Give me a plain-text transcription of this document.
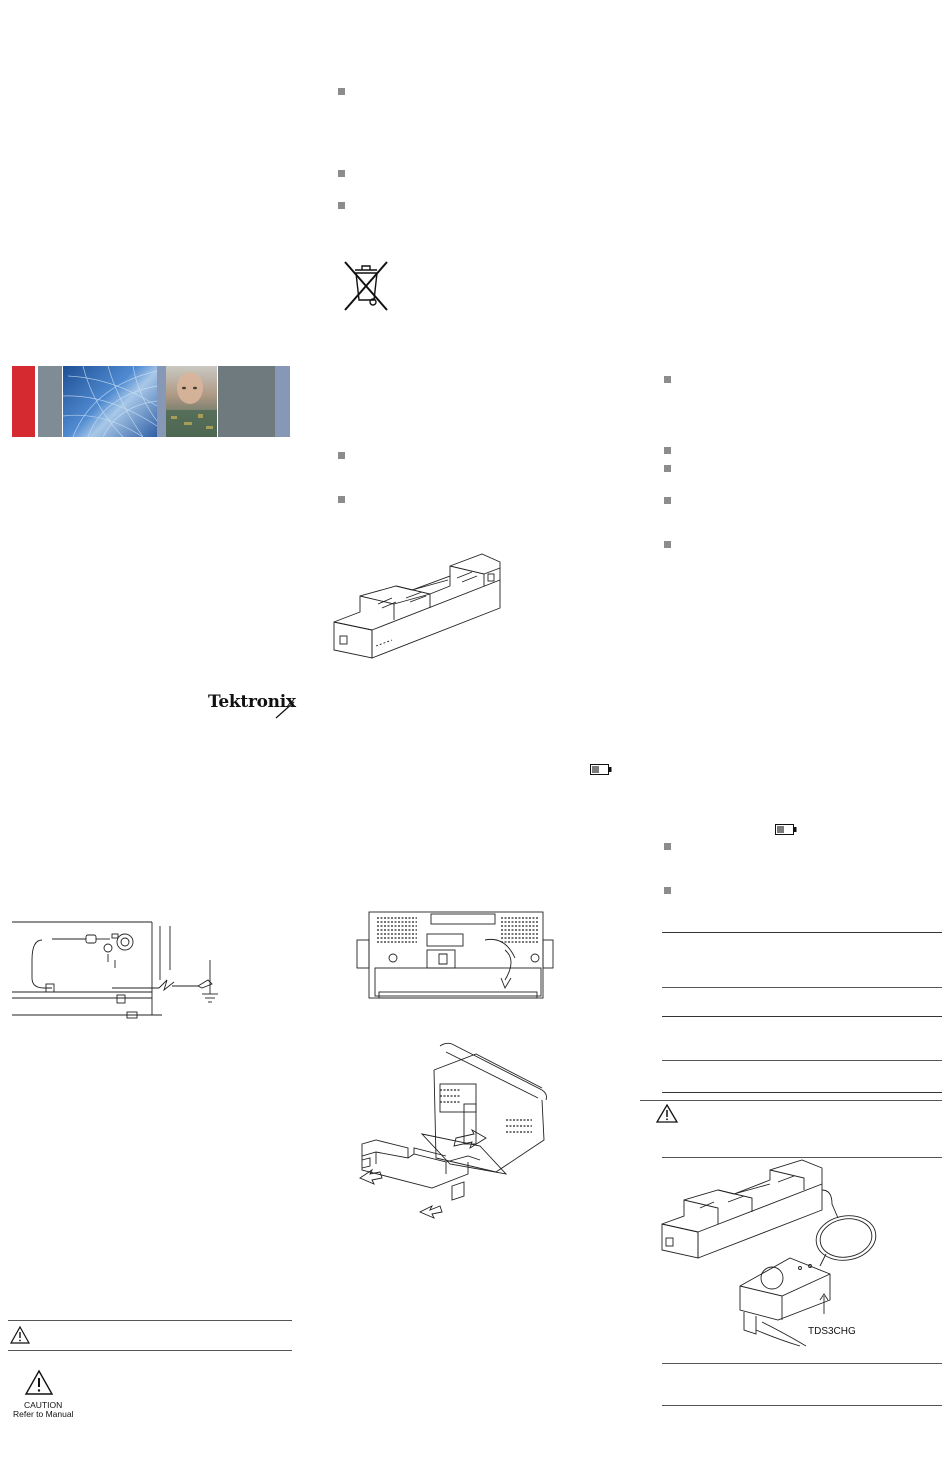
Tektronix
CAUTION
Refer to Manual
TDS3CHG
